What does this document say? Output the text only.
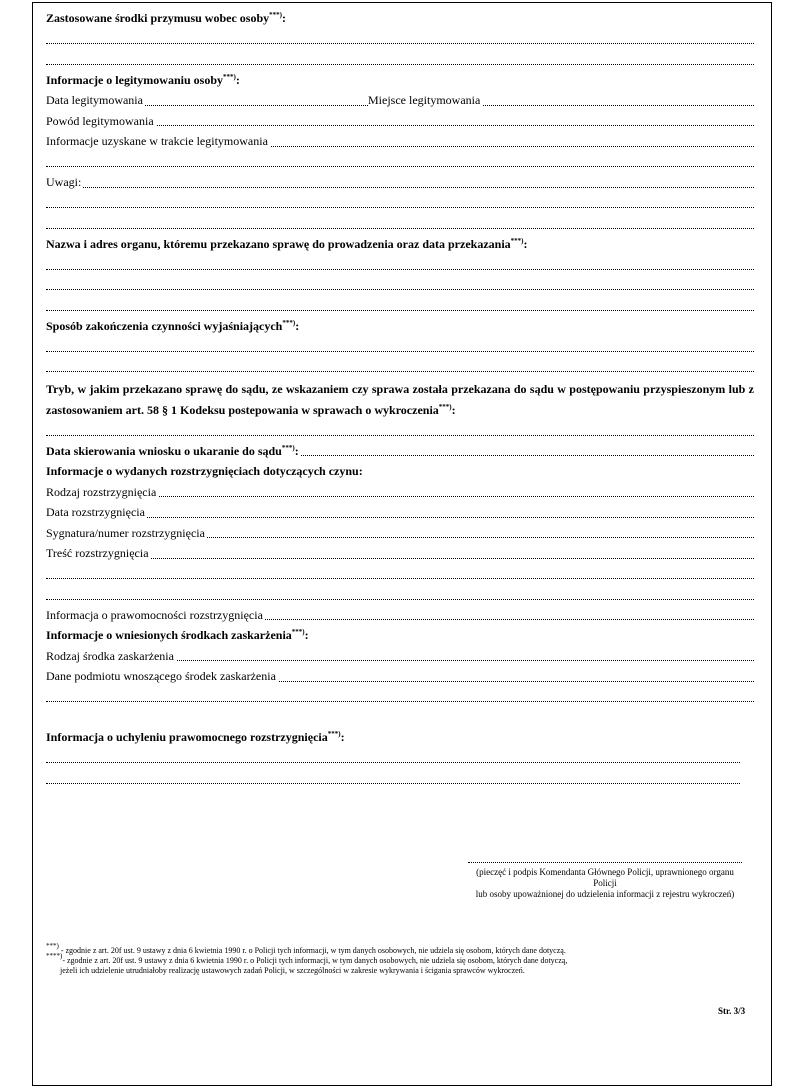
Zastosowane środki przymusu wobec osoby***):
Informacje o legitymowaniu osoby***):
Data legitymowania	Miejsce legitymowania
Powód legitymowania
Informacje uzyskane w trakcie legitymowania
Uwagi:
Nazwa i adres organu, któremu przekazano sprawę do prowadzenia oraz data przekazania***):
Sposób zakończenia czynności wyjaśniających***):
Tryb, w jakim przekazano sprawę do sądu, ze wskazaniem czy sprawa została przekazana do sądu w postępowaniu przyspieszonym lub z zastosowaniem art. 58 § 1 Kodeksu postepowania w sprawach o wykroczenia***):
Data skierowania wniosku o ukaranie do sądu***):
Informacje o wydanych rozstrzygnięciach dotyczących czynu:
Rodzaj rozstrzygnięcia
Data rozstrzygnięcia
Sygnatura/numer rozstrzygnięcia
Treść rozstrzygnięcia
Informacja o prawomocności rozstrzygnięcia
Informacje o wniesionych środkach zaskarżenia***):
Rodzaj środka zaskarżenia
Dane podmiotu wnoszącego środek zaskarżenia
Informacja o uchyleniu prawomocnego rozstrzygnięcia***):
(pieczęć i podpis Komendanta Głównego Policji, uprawnionego organu Policji
lub osoby upoważnionej do udzielenia informacji z rejestru wykroczeń)
***) - zgodnie z art. 20f ust. 9 ustawy z dnia 6 kwietnia 1990 r. o Policji tych informacji, w tym danych osobowych, nie udziela się osobom, których dane dotyczą.
****)- zgodnie z art. 20f ust. 9 ustawy z dnia 6 kwietnia 1990 r. o Policji tych informacji, w tym danych osobowych, nie udziela się osobom, których dane dotyczą,
jeżeli ich udzielenie utrudniałoby realizację ustawowych zadań Policji, w szczególności w zakresie wykrywania i ścigania sprawców wykroczeń.
Str. 3/3
